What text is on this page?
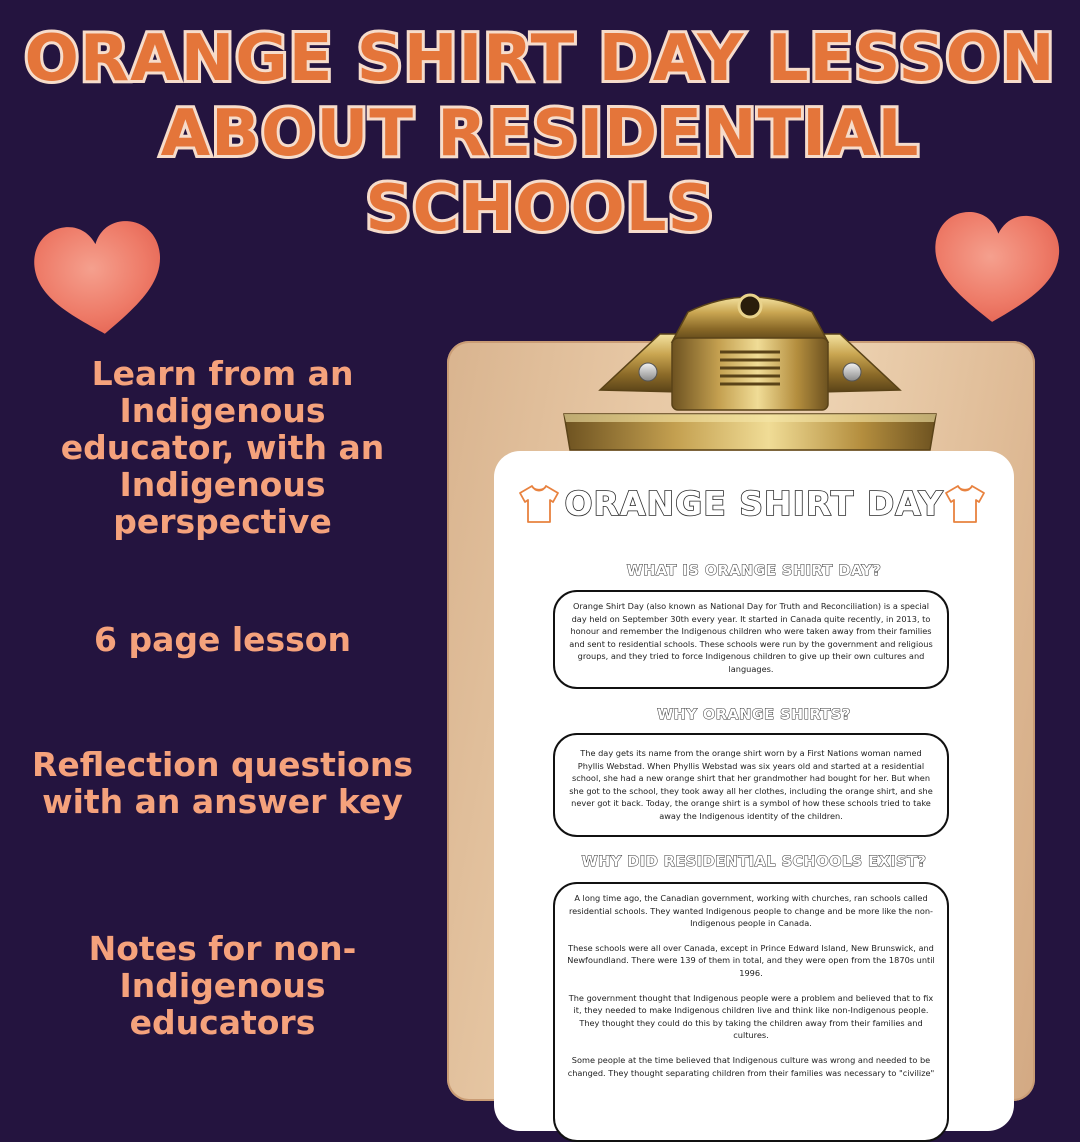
ORANGE SHIRT DAY LESSON
ABOUT RESIDENTIAL
SCHOOLS
Learn from an Indigenous educator, with an Indigenous perspective
6 page lesson
Reflection questions with an answer key
Notes for non-Indigenous educators
ORANGE SHIRT DAY
WHAT IS ORANGE SHIRT DAY?

Orange Shirt Day (also known as National Day for Truth and Reconciliation) is a special day held on September 30th every year. It started in Canada quite recently, in 2013, to honour and remember the Indigenous children who were taken away from their families and sent to residential schools. These schools were run by the government and religious groups, and they tried to force Indigenous children to give up their own cultures and languages.

WHY ORANGE SHIRTS?

The day gets its name from the orange shirt worn by a First Nations woman named Phyllis Webstad. When Phyllis Webstad was six years old and started at a residential school, she had a new orange shirt that her grandmother had bought for her. But when she got to the school, they took away all her clothes, including the orange shirt, and she never got it back. Today, the orange shirt is a symbol of how these schools tried to take away the Indigenous identity of the children.

WHY DID RESIDENTIAL SCHOOLS EXIST?

A long time ago, the Canadian government, working with churches, ran schools called residential schools. They wanted Indigenous people to change and be more like the non-Indigenous people in Canada.

These schools were all over Canada, except in Prince Edward Island, New Brunswick, and Newfoundland. There were 139 of them in total, and they were open from the 1870s until 1996.

The government thought that Indigenous people were a problem and believed that to fix it, they needed to make Indigenous children live and think like non-Indigenous people. They thought they could do this by taking the children away from their families and cultures.

Some people at the time believed that Indigenous culture was wrong and needed to be changed. They thought separating children from their families was necessary to "civilize"
